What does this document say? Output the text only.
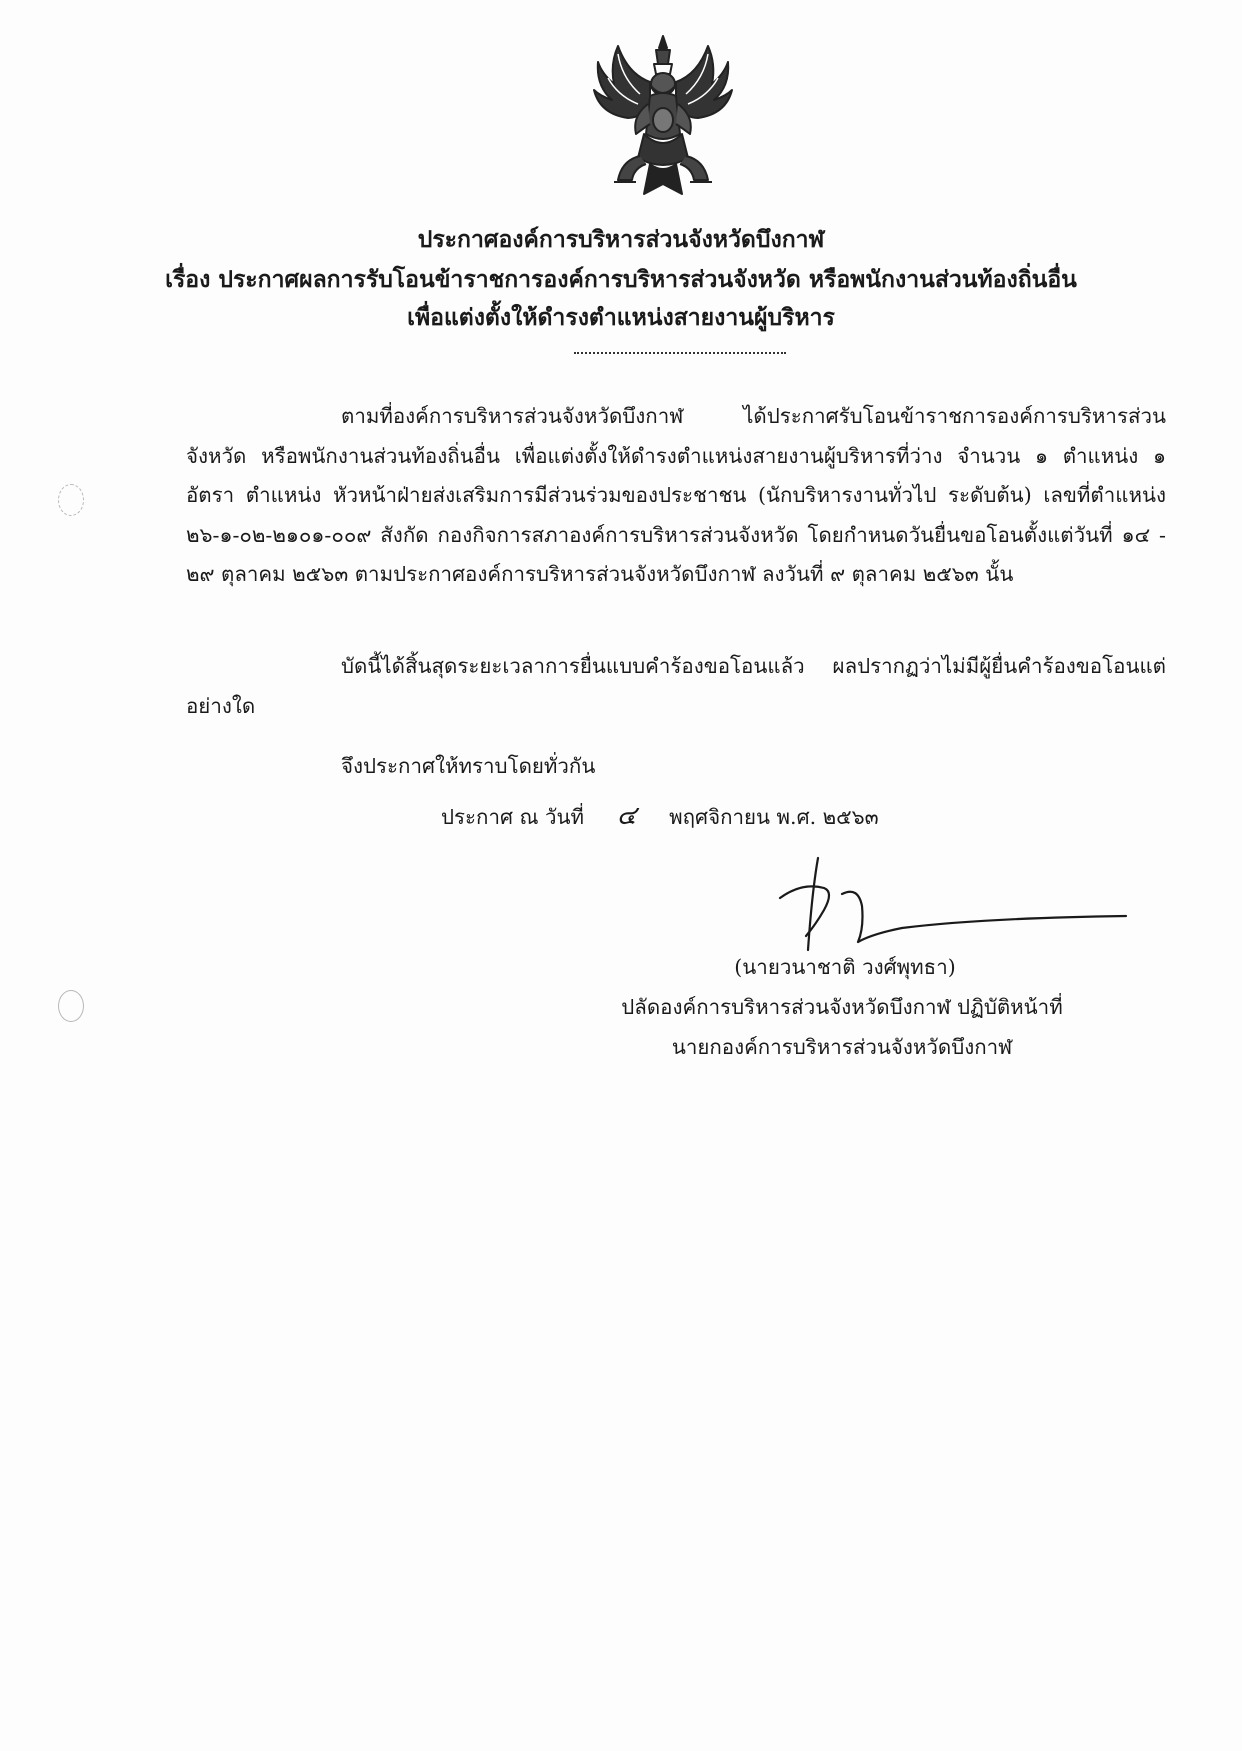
ประกาศองค์การบริหารส่วนจังหวัดบึงกาฬ
เรื่อง ประกาศผลการรับโอนข้าราชการองค์การบริหารส่วนจังหวัด หรือพนักงานส่วนท้องถิ่นอื่น
เพื่อแต่งตั้งให้ดำรงตำแหน่งสายงานผู้บริหาร
ตามที่องค์การบริหารส่วนจังหวัดบึงกาฬ ได้ประกาศรับโอนข้าราชการองค์การบริหารส่วนจังหวัด หรือพนักงานส่วนท้องถิ่นอื่น เพื่อแต่งตั้งให้ดำรงตำแหน่งสายงานผู้บริหารที่ว่าง จำนวน ๑ ตำแหน่ง ๑ อัตรา ตำแหน่ง หัวหน้าฝ่ายส่งเสริมการมีส่วนร่วมของประชาชน (นักบริหารงานทั่วไป ระดับต้น) เลขที่ตำแหน่ง ๒๖-๑-๐๒-๒๑๐๑-๐๐๙ สังกัด กองกิจการสภาองค์การบริหารส่วนจังหวัด โดยกำหนดวันยื่นขอโอนตั้งแต่วันที่ ๑๔ - ๒๙ ตุลาคม ๒๕๖๓ ตามประกาศองค์การบริหารส่วนจังหวัดบึงกาฬ ลงวันที่ ๙ ตุลาคม ๒๕๖๓ นั้น
บัดนี้ได้สิ้นสุดระยะเวลาการยื่นแบบคำร้องขอโอนแล้ว ผลปรากฏว่าไม่มีผู้ยื่นคำร้องขอโอนแต่อย่างใด
จึงประกาศให้ทราบโดยทั่วกัน
ประกาศ ณ วันที่ ๔ พฤศจิกายน พ.ศ. ๒๕๖๓
(นายวนาชาติ วงศ์พุทธา)
ปลัดองค์การบริหารส่วนจังหวัดบึงกาฬ ปฏิบัติหน้าที่
นายกองค์การบริหารส่วนจังหวัดบึงกาฬ
